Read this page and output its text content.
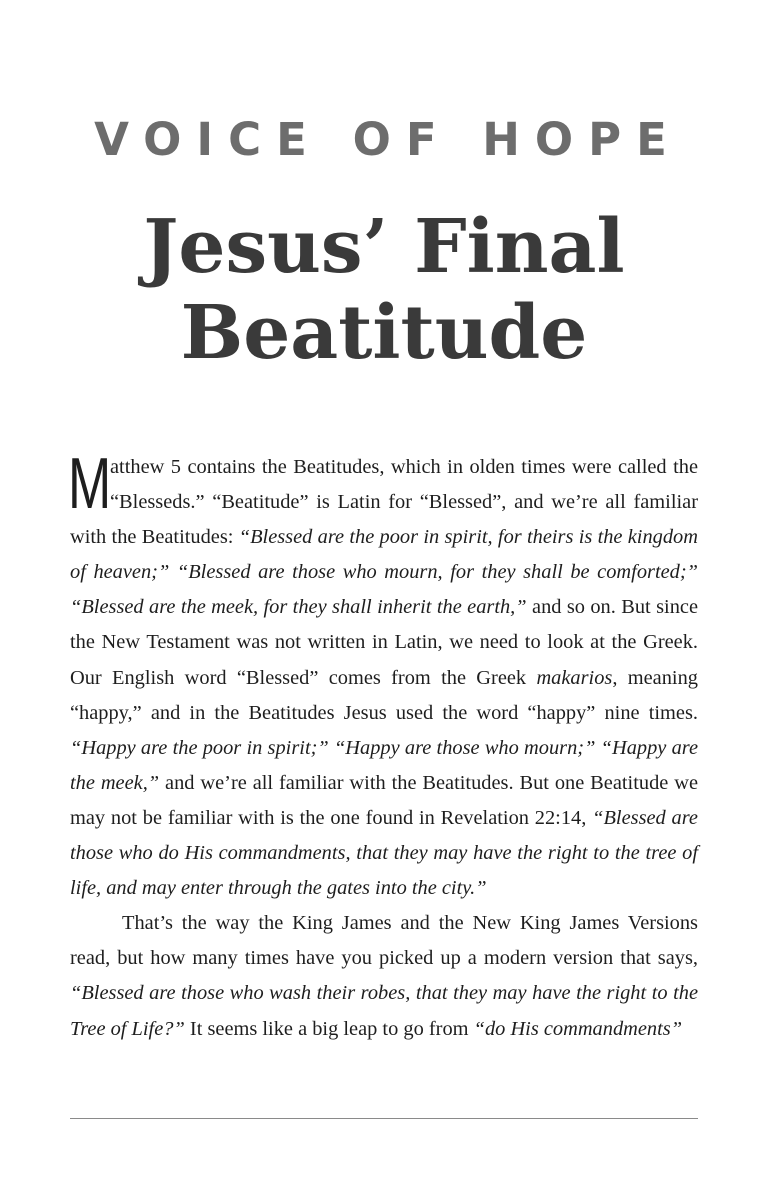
VOICE OF HOPE
Jesus’ Final
Beatitude

M
atthew 5 contains the Beatitudes, which in olden times were called the “Blesseds.” “Beatitude” is Latin for “Blessed”, and we’re all familiar with the Beatitudes: “Blessed are the poor in spirit, for theirs is the kingdom of heaven;” “Blessed are those who mourn, for they shall be comforted;” “Blessed are the meek, for they shall inherit the earth,” and so on. But since the New Testament was not written in Latin, we need to look at the Greek. Our English word “Blessed” comes from the Greek makarios, meaning “happy,” and in the Beatitudes Jesus used the word “happy” nine times. “Happy are the poor in spirit;” “Happy are those who mourn;” “Happy are the meek,” and we’re all familiar with the Beatitudes. But one Beatitude we may not be familiar with is the one found in Revelation 22:14, “Blessed are those who do His commandments, that they may have the right to the tree of life, and may enter through the gates into the city.”

That’s the way the King James and the New King James Versions read, but how many times have you picked up a modern version that says, “Blessed are those who wash their robes, that they may have the right to the Tree of Life?” It seems like a big leap to go from “do His commandments”
